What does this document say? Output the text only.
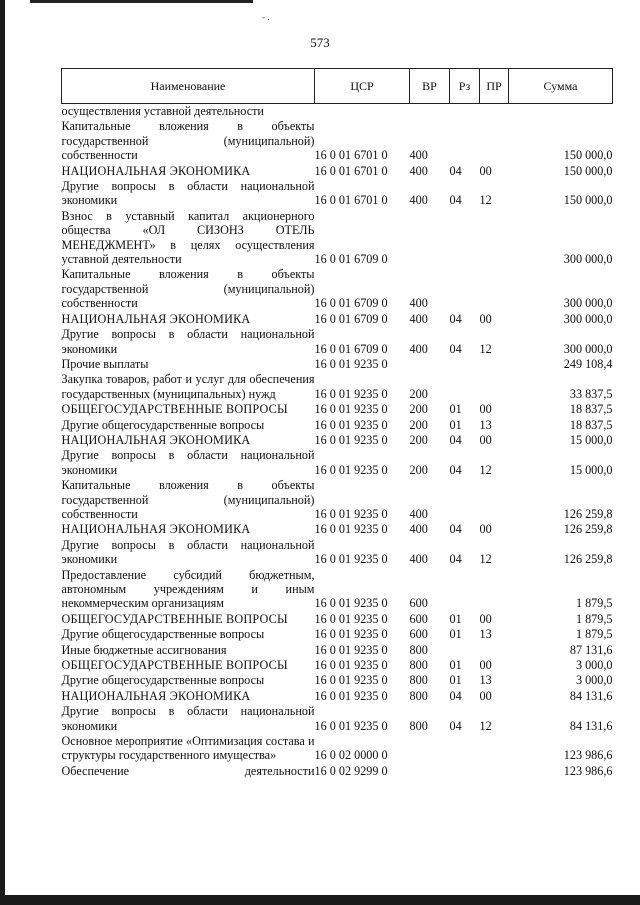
- .
573
Наименование	ЦСР	ВР	Рз	ПР	Сумма
осуществления уставной деятельности					
Капитальные вложения в объекты государственной (муниципальной) собственности	16 0 01 6701 0	400			150 000,0
НАЦИОНАЛЬНАЯ ЭКОНОМИКА	16 0 01 6701 0	400	04	00	150 000,0
Другие вопросы в области национальной экономики	16 0 01 6701 0	400	04	12	150 000,0
Взнос в уставный капитал акционерного общества «ОЛ СИЗОНЗ ОТЕЛЬ МЕНЕДЖМЕНТ» в целях осуществления уставной деятельности	16 0 01 6709 0				300 000,0
Капитальные вложения в объекты государственной (муниципальной) собственности	16 0 01 6709 0	400			300 000,0
НАЦИОНАЛЬНАЯ ЭКОНОМИКА	16 0 01 6709 0	400	04	00	300 000,0
Другие вопросы в области национальной экономики	16 0 01 6709 0	400	04	12	300 000,0
Прочие выплаты	16 0 01 9235 0				249 108,4
Закупка товаров, работ и услуг для обеспечения государственных (муниципальных) нужд	16 0 01 9235 0	200			33 837,5
ОБЩЕГОСУДАРСТВЕННЫЕ ВОПРОСЫ	16 0 01 9235 0	200	01	00	18 837,5
Другие общегосударственные вопросы	16 0 01 9235 0	200	01	13	18 837,5
НАЦИОНАЛЬНАЯ ЭКОНОМИКА	16 0 01 9235 0	200	04	00	15 000,0
Другие вопросы в области национальной экономики	16 0 01 9235 0	200	04	12	15 000,0
Капитальные вложения в объекты государственной (муниципальной) собственности	16 0 01 9235 0	400			126 259,8
НАЦИОНАЛЬНАЯ ЭКОНОМИКА	16 0 01 9235 0	400	04	00	126 259,8
Другие вопросы в области национальной экономики	16 0 01 9235 0	400	04	12	126 259,8
Предоставление субсидий бюджетным, автономным учреждениям и иным некоммерческим организациям	16 0 01 9235 0	600			1 879,5
ОБЩЕГОСУДАРСТВЕННЫЕ ВОПРОСЫ	16 0 01 9235 0	600	01	00	1 879,5
Другие общегосударственные вопросы	16 0 01 9235 0	600	01	13	1 879,5
Иные бюджетные ассигнования	16 0 01 9235 0	800			87 131,6
ОБЩЕГОСУДАРСТВЕННЫЕ ВОПРОСЫ	16 0 01 9235 0	800	01	00	3 000,0
Другие общегосударственные вопросы	16 0 01 9235 0	800	01	13	3 000,0
НАЦИОНАЛЬНАЯ ЭКОНОМИКА	16 0 01 9235 0	800	04	00	84 131,6
Другие вопросы в области национальной экономики	16 0 01 9235 0	800	04	12	84 131,6
Основное мероприятие «Оптимизация состава и структуры государственного имущества»	16 0 02 0000 0				123 986,6
Обеспечение деятельности	16 0 02 9299 0				123 986,6
